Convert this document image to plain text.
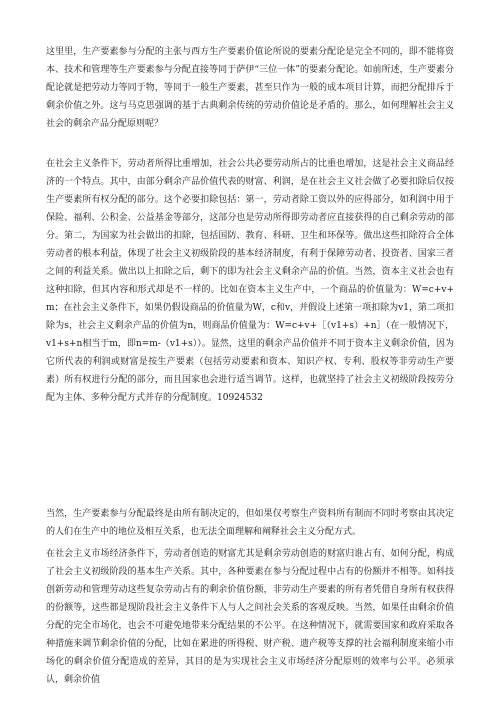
这里里，生产要素参与分配的主张与西方生产要素价值论所说的要素分配论是完全不同的，即不能将资本、技术和管理等生产要素参与分配直接等同于萨伊“三位一体”的要素分配论。如前所述，生产要素分配论就是把劳动力等同于物，等同于一般生产要素，甚至只作为一般的成本项目计算，而把分配排斥于剩余价值之外。这与马克思强调的基于古典剩余传统的劳动价值论是矛盾的。那么，如何理解社会主义社会的剩余产品分配原则呢？

在社会主义条件下，劳动者所得比重增加，社会公共必要劳动所占的比重也增加，这是社会主义商品经济的一个特点。其中，由部分剩余产品价值代表的财富、利润，是在社会主义社会做了必要扣除后仅按生产要素所有权分配的部分。这个必要扣除包括：第一，劳动者除工资以外的应得部分，如利润中用于保险、福利、公积金、公益基金等部分，这部分也是劳动所得即劳动者应直接获得的自己剩余劳动的部分。第二，为国家为社会做出的扣除，包括国防、教育、科研、卫生和环保等。做出这些扣除符合全体劳动者的根本利益，体现了社会主义初级阶段的基本经济制度，有利于保障劳动者、投资者、国家三者之间的利益关系。做出以上扣除之后，剩下的即为社会主义剩余产品的价值。当然，资本主义社会也有这种扣除，但其内容和形式却是不一样的。比如在资本主义生产中，一个商品的价值量为：W=c+v+m；在社会主义条件下，如果仍假设商品的价值量为W，c和v，并假设上述第一项扣除为v1，第二项扣除为s，社会主义剩余产品的价值为n，则商品价值量为：W=c+v+［（v1+s）+n］（在一般情况下，v1+s+n相当于m，即n=m-（v1+s））。显然，这里的剩余产品价值并不同于资本主义剩余价值，因为它所代表的利润或财富是按生产要素（包括劳动要素和资本、知识产权、专利、股权等非劳动生产要素）所有权进行分配的部分，而且国家也会进行适当调节。这样，也就坚持了社会主义初级阶段按劳分配为主体、多种分配方式并存的分配制度。10924532

当然，生产要素参与分配最终是由所有制决定的，但如果仅考察生产资料所有制而不同时考察由其决定的人们在生产中的地位及相互关系，也无法全面理解和阐释社会主义分配方式。

在社会主义市场经济条件下，劳动者创造的财富尤其是剩余劳动创造的财富归谁占有、如何分配，构成了社会主义初级阶段的基本生产关系。其中，各种要素在参与分配过程中占有的份额并不相等。如科技创新劳动和管理劳动这些复杂劳动占有的剩余价值份额，非劳动生产要素的所有者凭借自身所有权获得的份额等，这些都是现阶段社会主义条件下人与人之间社会关系的客观反映。当然，如果任由剩余价值分配的完全市场化，也会不可避免地带来分配结果的不公平。在这种情况下，就需要国家和政府采取各种措施来调节剩余价值的分配，比如在累进的所得税、财产税、遗产税等支撑的社会福利制度来缩小市场化的剩余价值分配造成的差异，其目的是为实现社会主义市场经济分配原则的效率与公平。必须承认，剩余价值
